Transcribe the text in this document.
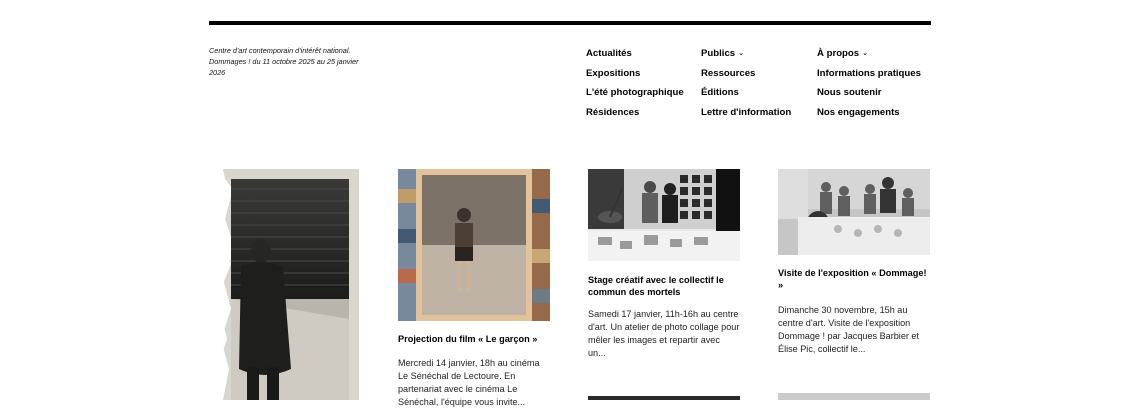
Centre d'art contemporain d'intérêt national.
Dommages ! du 11 octobre 2025 au 25 janvier
2026
Actualités
Expositions
L'été photographique
Résidences
Publics ⌄
Ressources
Éditions
Lettre d'information
À propos ⌄
Informations pratiques
Nous soutenir
Nos engagements
Projection du film « Le garçon »
Mercredi 14 janvier, 18h au cinéma Le Sénéchal de Lectoure. En partenariat avec le cinéma Le Sénéchal, l'équipe vous invite...
Stage créatif avec le collectif le commun des mortels
Samedi 17 janvier, 11h-16h au centre d'art. Un atelier de photo collage pour mêler les images et repartir avec un...
Visite de l'exposition « Dommage! »
Dimanche 30 novembre, 15h au centre d'art. Visite de l'exposition Dommage ! par Jacques Barbier et Élise Pic, collectif le...
